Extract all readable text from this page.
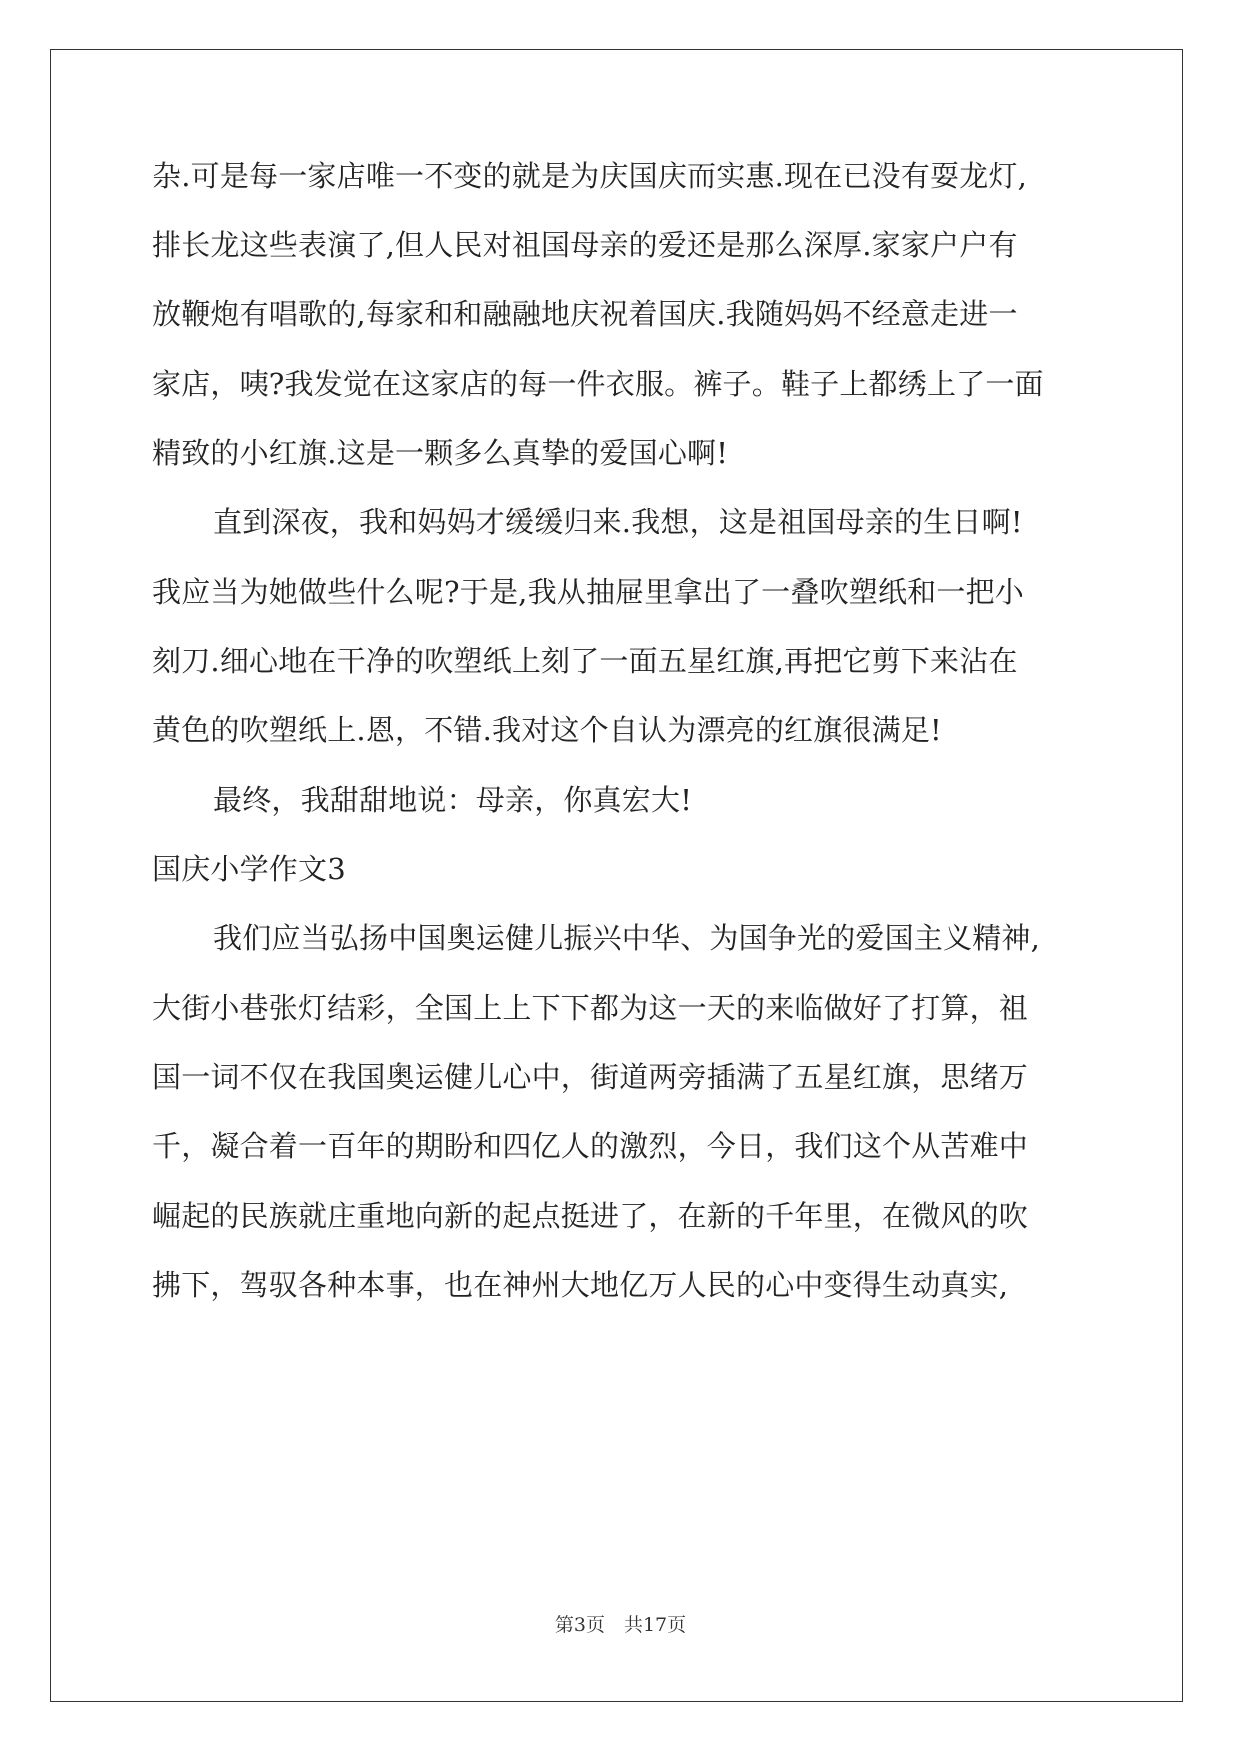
杂.可是每一家店唯一不变的就是为庆国庆而实惠.现在已没有耍龙灯,
排长龙这些表演了,但人民对祖国母亲的爱还是那么深厚.家家户户有
放鞭炮有唱歌的,每家和和融融地庆祝着国庆.我随妈妈不经意走进一
家店，咦?我发觉在这家店的每一件衣服。裤子。鞋子上都绣上了一面
精致的小红旗.这是一颗多么真挚的爱国心啊!
直到深夜，我和妈妈才缓缓归来.我想，这是祖国母亲的生日啊!
我应当为她做些什么呢?于是,我从抽屉里拿出了一叠吹塑纸和一把小
刻刀.细心地在干净的吹塑纸上刻了一面五星红旗,再把它剪下来沾在
黄色的吹塑纸上.恩，不错.我对这个自认为漂亮的红旗很满足!
最终，我甜甜地说：母亲，你真宏大!
国庆小学作文3
我们应当弘扬中国奥运健儿振兴中华、为国争光的爱国主义精神,
大街小巷张灯结彩，全国上上下下都为这一天的来临做好了打算，祖
国一词不仅在我国奥运健儿心中，街道两旁插满了五星红旗，思绪万
千，凝合着一百年的期盼和四亿人的激烈，今日，我们这个从苦难中
崛起的民族就庄重地向新的起点挺进了，在新的千年里，在微风的吹
拂下，驾驭各种本事，也在神州大地亿万人民的心中变得生动真实,
第3页　共17页
